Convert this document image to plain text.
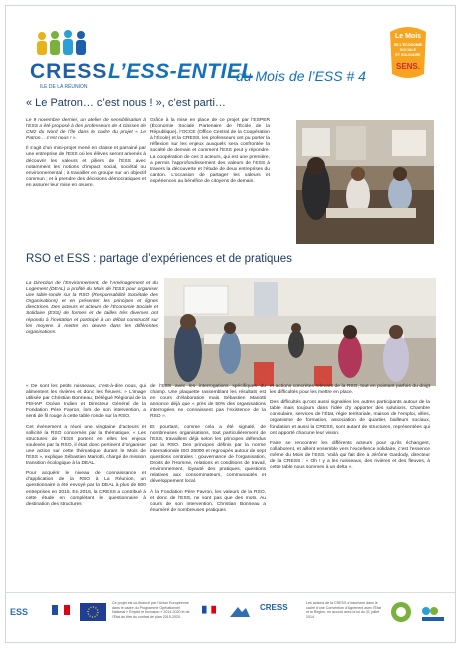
CRESS
ILE DE LA RÉUNION
L’ESS-ENTIEL
du Mois de l’ESS # 4
Le Mois
DE L'ÉCONOMIE
SOCIALE
ET SOLIDAIRE
SENS.
« Le Patron… c’est nous ! », c’est parti…

Le 9 novembre dernier, un atelier de sensibilisation à l’ESS a été proposé à des professeurs de 4 classes de CM2 du Nord de l’île dans le cadre du projet « Le Patron… c’est nous ! ».

Il s’agit d’un mini-projet mené en classe et parrainé par une entreprise de l’ESS où les élèves seront amenés à découvrir les valeurs et piliers de l’ESS avec notamment les notions d’impact social, sociétal ou environnemental ; à travailler en groupe sur un objectif commun ; et à prendre des décisions démocratiques et en assurer leur mise en œuvre.

Grâce à la mise en place de ce projet par l’ESPER (Économie Sociale Partenaire de l’École de la République), l’OCCE (Office Central de la Coopération à l’École) et la CRESS, les professeurs ont pu porter la réflexion sur les enjeux auxquels sera confrontée la société de demain et comment l’ESS peut y répondre. La coopération de ces 3 acteurs, qui est une première, a permis l’approfondissement des valeurs de l’ESS à travers la découverte et l’étude de deux entreprises du canton. L’occasion de partager les valeurs et expériences au bénéfice de citoyens de demain.

RSO et ESS : partage d’expériences et de pratiques
La Direction de l’Environnement, de l’Aménagement et du Logement (DEAL) a profité du Mois de l’ESS pour organiser une table-ronde sur la RSO (Responsabilité Sociétale des Organisations) et en présenter les principes et lignes directrices. Des acteurs et acteurs de l’Économie Sociale et Solidaire (ESS) de formes et de tailles très diverses ont répondu à l’invitation et participé à un débat constructif sur les moyens à mettre en œuvre dans les différentes organisations.

« De sont les petits ruisseaux, c’est-à-dire nous, qui alimentent les rivières et donc les fleuves. » L’image utilisée par Christian Bonneau, Délégué Régional de la FEHAP Océan Indien et Directeur Général de la Fondation Père Favron, lors de son intervention, a senti de fil rouge à cette table ronde sur la RSO.

Cet événement a réuni une vingtaine d’acteurs et sollicité la RSO concernés par la thématique. « Les structures de l’ESS portent en elles les enjeux soulevés par la RSO, il était donc pertinent d’organiser une action sur cette thématique durant le Mois de l’ESS », explique Sébastien Mariotti, chargé de mission transition écologique à la DEAL.

Pour acquérir le niveau de connaissance et d’application de la RSO à La Réunion, un questionnaire a été envoyé par la DEAL à plus de 800 entreprises en 2015. En 2016, la CRESS a contribué à cette étude en complétant le questionnaire à destination des structures

de l’ESS avec les interrogations spécifiques du champ. Une plaquette rassemblant les résultats est en cours d’élaboration mais Sébastien Mariotti annonce déjà que « près de 50% des organisations interrogées ne connaissent pas l’existence de la RSO ».

Et pourtant, comme cela a été signalé, de nombreuses organisations, tout particulièrement de l’ESS, travaillent déjà selon les principes défendus par la RSO. Des principes définis par la norme internationale ISO 26000 et regroupés autour de sept questions centrales : gouvernance de l’organisation, Droits de l’Homme, relations et conditions de travail, environnement, loyauté des pratiques, questions relatives aux consommateurs, communautés et développement local.

À la Fondation Père Favron, les valeurs de la RSO, et donc de l’ESS, ne sont pas que des mots. Au cours de son intervention, Christian Bonneau a énuméré de nombreuses pratiques

et actions concrètes relevant de la RSO, tout en pointant parfois du doigt les difficultés pour les mettre en place.

Des difficultés qu’ont aussi signalées les autres participants autour de la table mais toujours dans l’idée d’y apporter des solutions. Chambre consulaire, services de l’État, régie territoriale, maison de l’emploi, villes, organisme de formation, association de quartier, bailleurs sociaux, fondation et aussi la CRESS, sont autant de structures, représentées qui ont apporté chacune leur vision.

Faire se rencontrer les différents acteurs pour qu’ils échangent, collaborent, et aillent ensemble vers l’excellence solidaire, c’est l’essence même du Mois de l’ESS. Voilà qui fait dire à Jérôme Gardody, directeur de la CRESS : « Oh ! y a les ruisseaux, des rivières et des fleuves, à cette table nous sommes à un delta ».

ESS
Ce projet est co-financé par l’Union Européenne dans le cadre du Programme Opérationnel National « Emploi et Inclusion » 2014-2020 et de l’État au titre du contrat de plan 2015-2020.
CRESS	Les actions de la CRESS s’inscrivent dans le cadre d’une Convention d’Agrément avec l’État et la Région, en accord avec la loi du 31 juillet 2014
